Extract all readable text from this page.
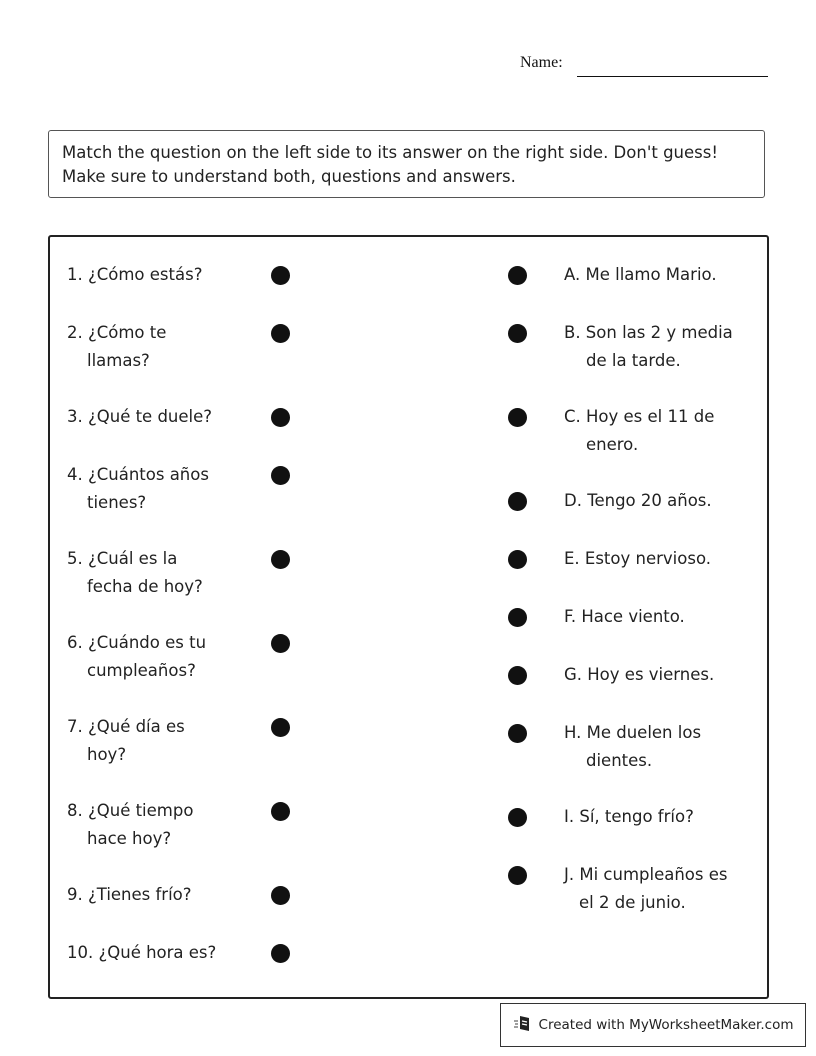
Name:
Match the question on the left side to its answer on the right side. Don't guess! Make sure to understand both, questions and answers.
1. ¿Cómo estás?
2. ¿Cómo te
llamas?
3. ¿Qué te duele?
4. ¿Cuántos años
tienes?
5. ¿Cuál es la
fecha de hoy?
6. ¿Cuándo es tu
cumpleaños?
7. ¿Qué día es
hoy?
8. ¿Qué tiempo
hace hoy?
9. ¿Tienes frío?
10. ¿Qué hora es?
A. Me llamo Mario.
B. Son las 2 y media
de la tarde.
C. Hoy es el 11 de
enero.
D. Tengo 20 años.
E. Estoy nervioso.
F. Hace viento.
G. Hoy es viernes.
H. Me duelen los
dientes.
I. Sí, tengo frío?
J. Mi cumpleaños es
el 2 de junio.
Created with MyWorksheetMaker.com
